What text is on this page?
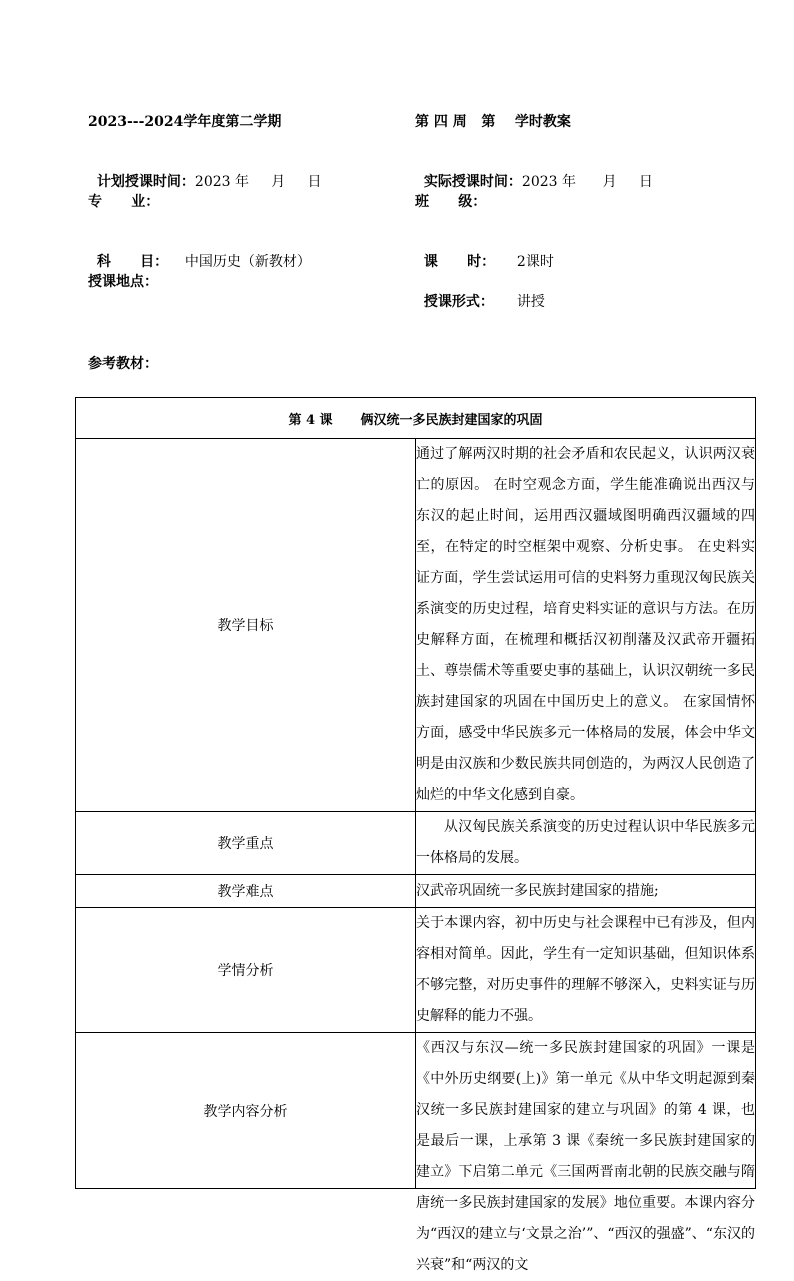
2023---2024学年度第二学期	第 四 周   第    学时教案

计划授课时间：2023 年     月     日	实际授课时间：2023 年      月     日

专      业：	班      级：

科      目： 中国历史（新教材）	课      时： 2课时

授课地点：

授课形式： 讲授

参考教材：
第 4 课 俩汉统一多民族封建国家的巩固	
教学目标	通过了解两汉时期的社会矛盾和农民起义，认识两汉衰亡的原因。 在时空观念方面，学生能准确说出西汉与东汉的起止时间，运用西汉疆域图明确西汉疆域的四至，在特定的时空框架中观察、分析史事。 在史料实证方面，学生尝试运用可信的史料努力重现汉匈民族关系演变的历史过程，培育史料实证的意识与方法。在历史解释方面，在梳理和概括汉初削藩及汉武帝开疆拓土、尊崇儒术等重要史事的基础上，认识汉朝统一多民族封建国家的巩固在中国历史上的意义。 在家国情怀方面，感受中华民族多元一体格局的发展，体会中华文明是由汉族和少数民族共同创造的，为两汉人民创造了灿烂的中华文化感到自豪。
教学重点	从汉匈民族关系演变的历史过程认识中华民族多元一体格局的发展。
教学难点	汉武帝巩固统一多民族封建国家的措施;
学情分析	关于本课内容，初中历史与社会课程中已有涉及，但内容相对简单。因此，学生有一定知识基础，但知识体系不够完整，对历史事件的理解不够深入，史料实证与历史解释的能力不强。
教学内容分析	《西汉与东汉—统一多民族封建国家的巩固》一课是《中外历史纲要(上)》第一单元《从中华文明起源到秦汉统一多民族封建国家的建立与巩固》的第 4 课，也是最后一课，上承第 3 课《秦统一多民族封建国家的建立》下启第二单元《三国两晋南北朝的民族交融与隋唐统一多民族封建国家的发展》地位重要。本课内容分为“西汉的建立与‘文景之治’”、“西汉的强盛”、“东汉的兴衰”和“两汉的文
